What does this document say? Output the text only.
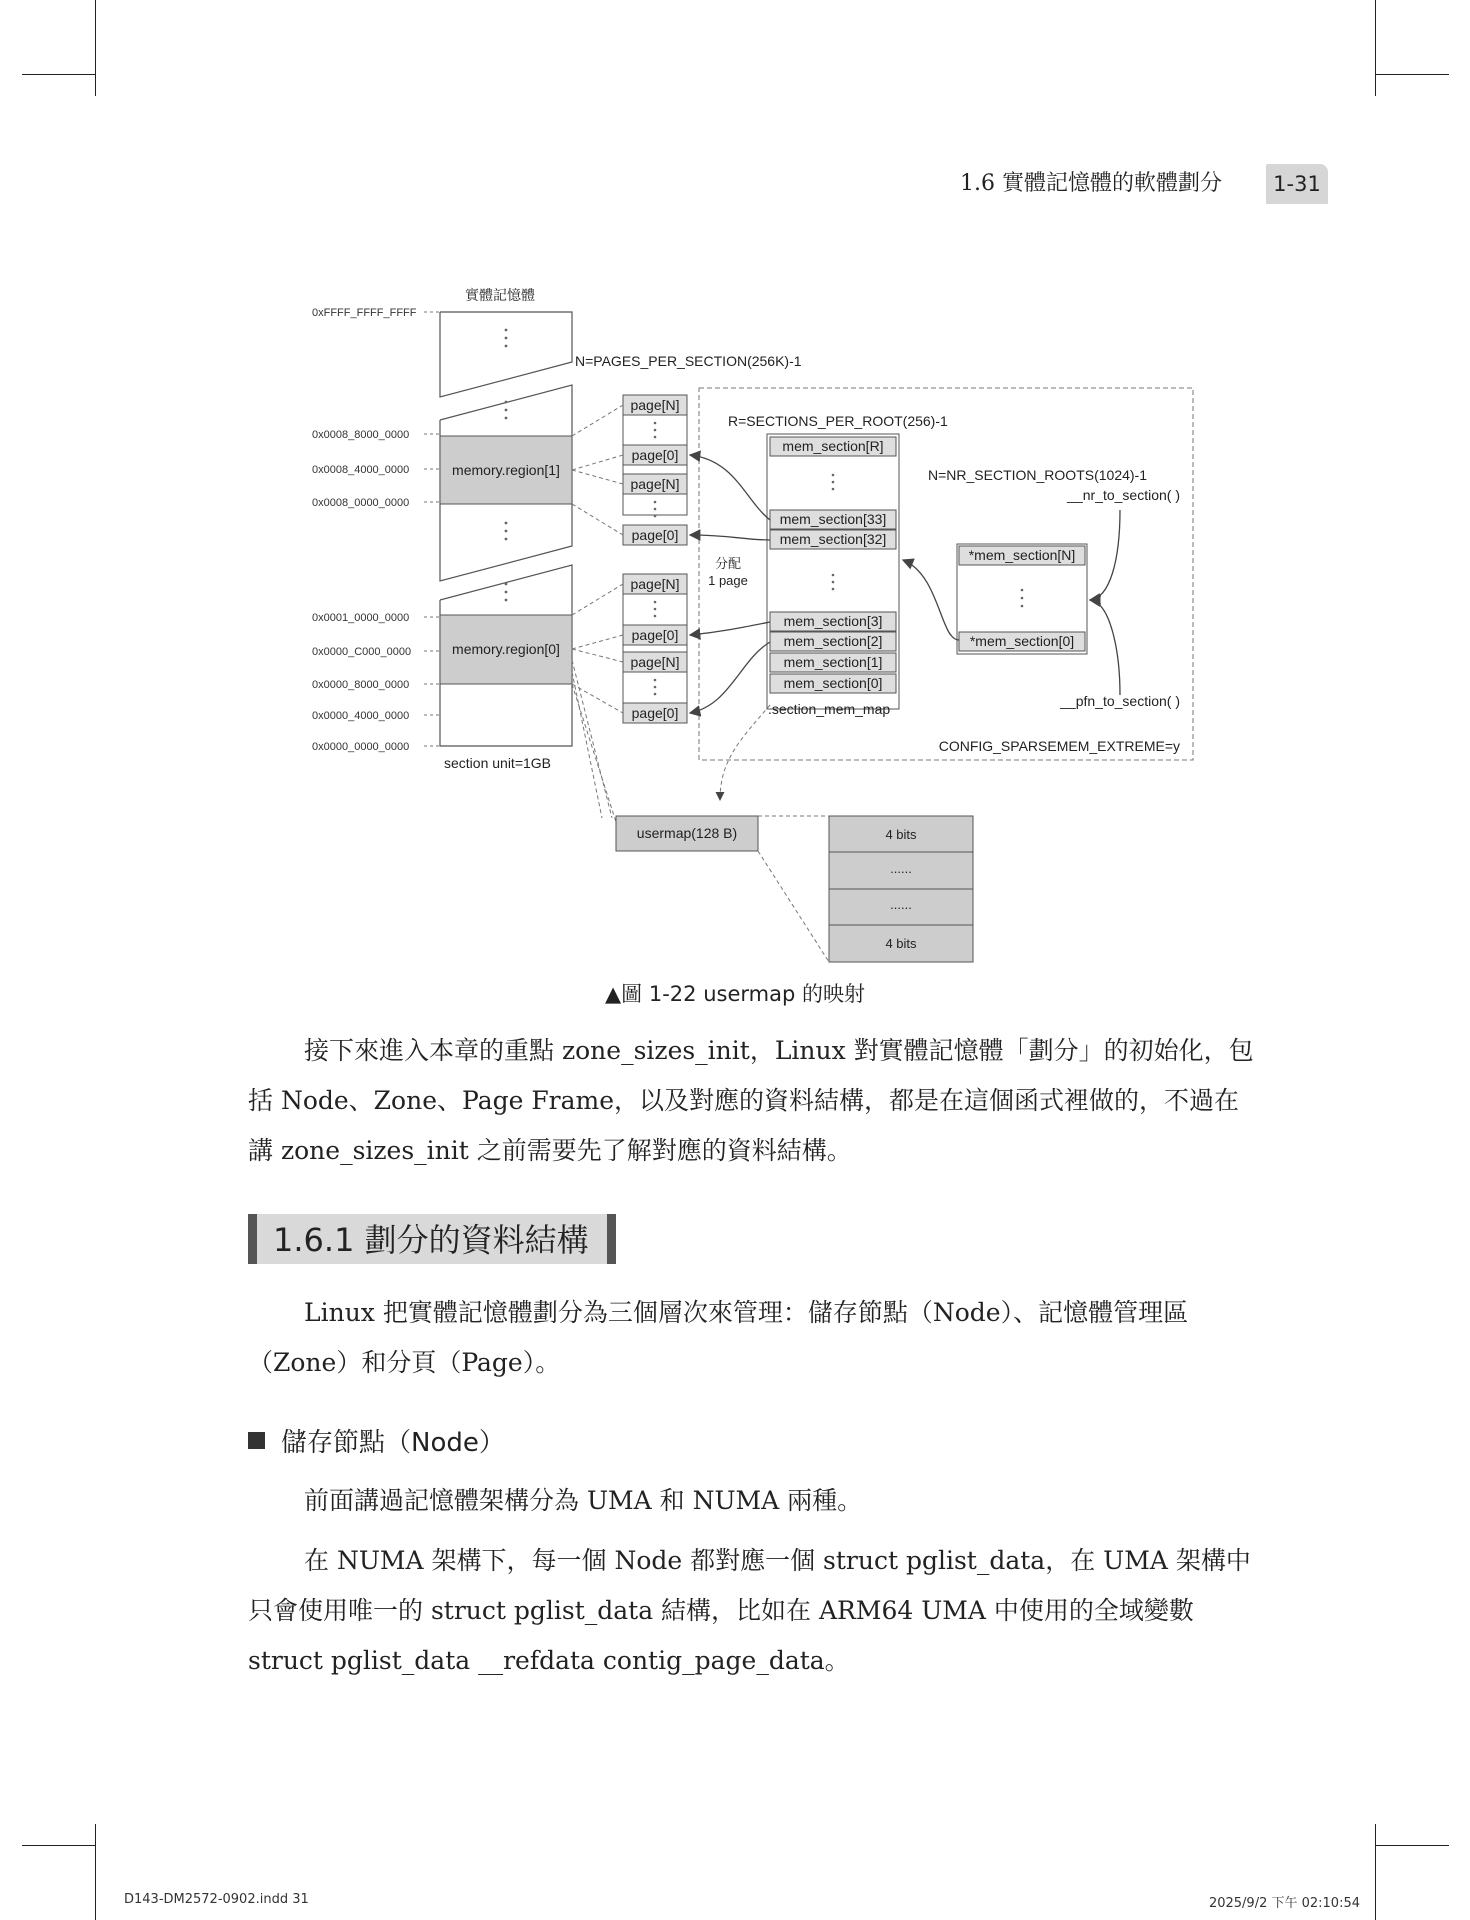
1.6 實體記憶體的軟體劃分	1-31
實體記憶體
0xFFFF_FFFF_FFFF
0x0008_8000_0000
0x0008_4000_0000
0x0008_0000_0000
0x0001_0000_0000
0x0000_C000_0000
0x0000_8000_0000
0x0000_4000_0000
0x0000_0000_0000
memory.region[1]
memory.region[0]
section unit=1GB
N=PAGES_PER_SECTION(256K)-1
page[N]
page[0]
page[N]
page[0]
page[N]
page[0]
page[N]
page[0]
R=SECTIONS_PER_ROOT(256)-1
N=NR_SECTION_ROOTS(1024)-1
__nr_to_section( )
__pfn_to_section( )
CONFIG_SPARSEMEM_EXTREME=y
分配
1 page
mem_section[R]
mem_section[33]
mem_section[32]
mem_section[3]
mem_section[2]
mem_section[1]
mem_section[0]
.section_mem_map
*mem_section[N]
*mem_section[0]
usermap(128 B)	4 bits
......
......
4 bits
▲圖 1-22 usermap 的映射

接下來進入本章的重點 zone_sizes_init，Linux 對實體記憶體「劃分」的初始化，包括 Node、Zone、Page Frame，以及對應的資料結構，都是在這個函式裡做的，不過在講 zone_sizes_init 之前需要先了解對應的資料結構。

1.6.1 劃分的資料結構

Linux 把實體記憶體劃分為三個層次來管理：儲存節點（Node）、記憶體管理區（Zone）和分頁（Page）。

儲存節點（Node）

前面講過記憶體架構分為 UMA 和 NUMA 兩種。

在 NUMA 架構下，每一個 Node 都對應一個 struct pglist_data，在 UMA 架構中只會使用唯一的 struct pglist_data 結構，比如在 ARM64 UMA 中使用的全域變數 struct pglist_data __refdata contig_page_data。

D143-DM2572-0902.indd 31	2025/9/2 下午 02:10:54
